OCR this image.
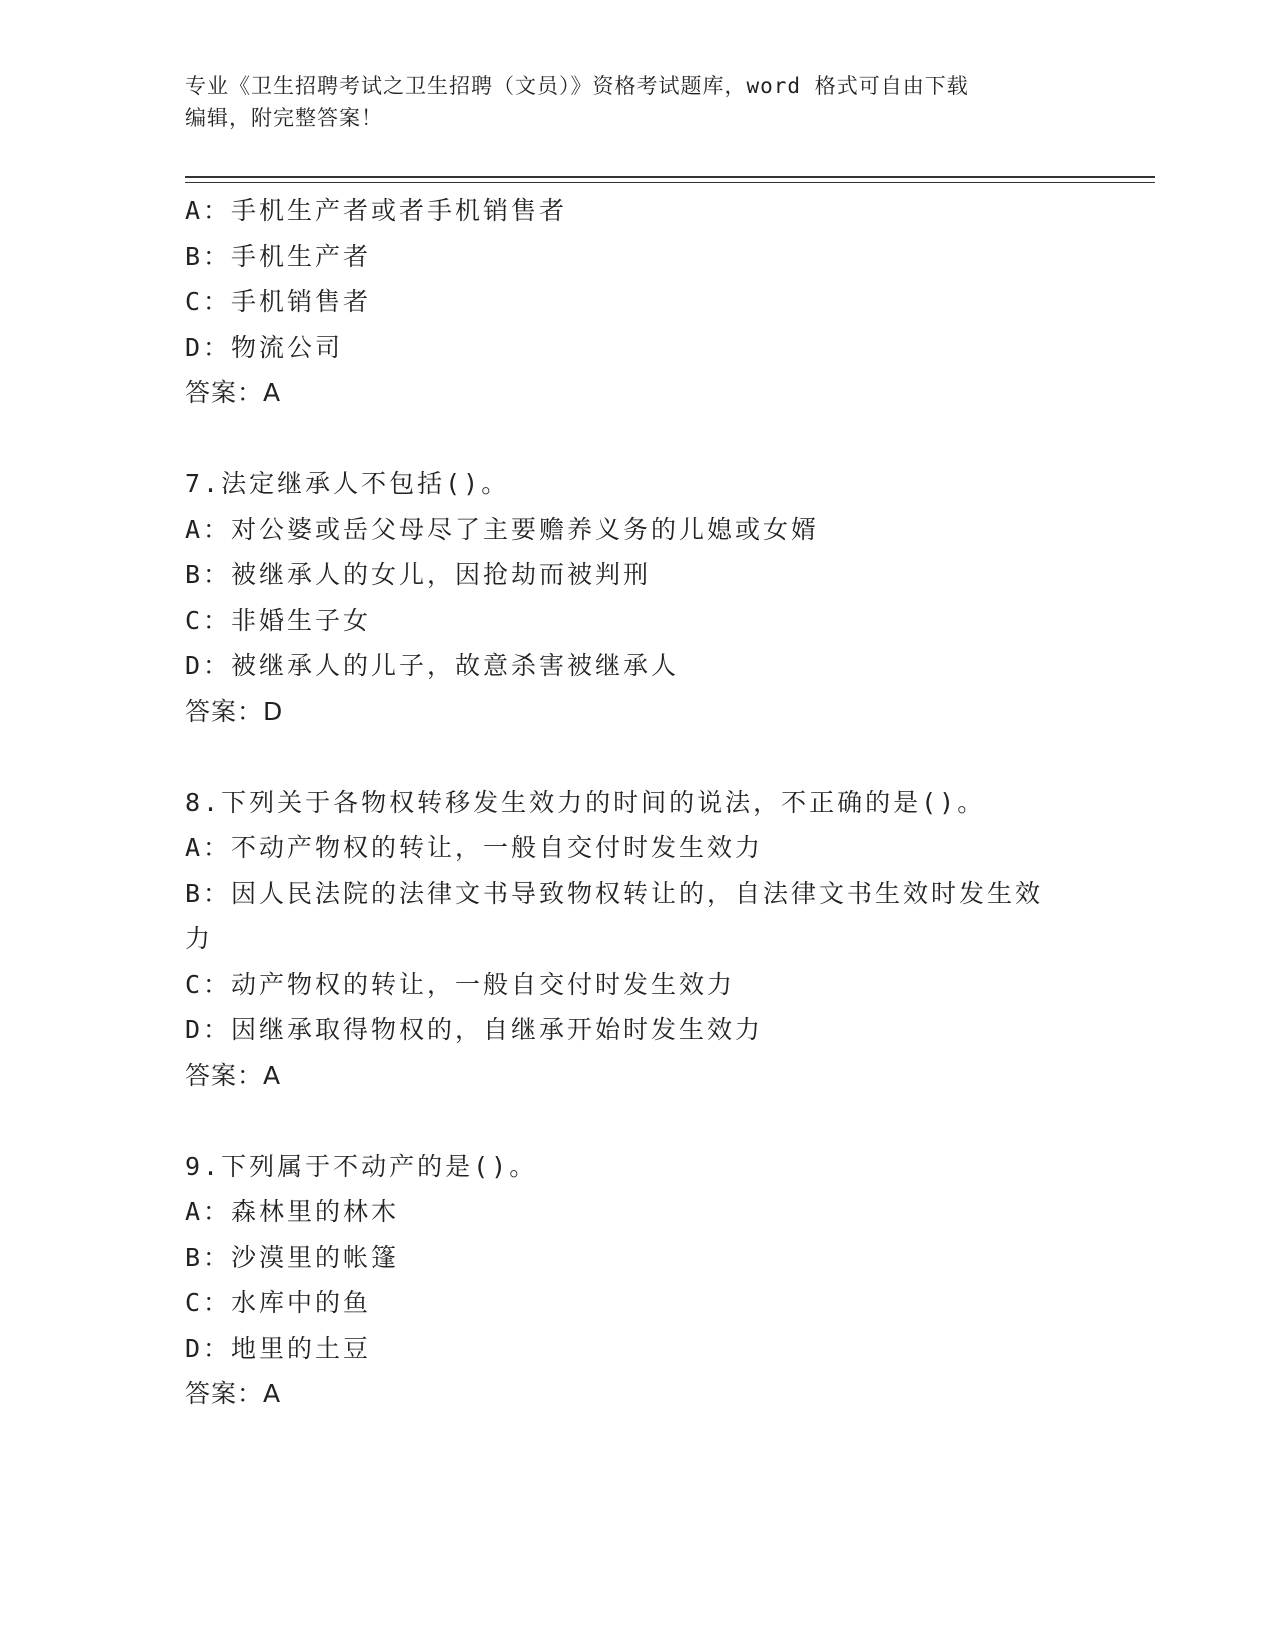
专业《卫生招聘考试之卫生招聘（文员）》资格考试题库，word 格式可自由下载
编辑，附完整答案！
A：手机生产者或者手机销售者
B：手机生产者
C：手机销售者
D：物流公司
答案：A
7.法定继承人不包括()。
A：对公婆或岳父母尽了主要赡养义务的儿媳或女婿
B：被继承人的女儿，因抢劫而被判刑
C：非婚生子女
D：被继承人的儿子，故意杀害被继承人
答案：D
8.下列关于各物权转移发生效力的时间的说法，不正确的是()。
A：不动产物权的转让，一般自交付时发生效力
B：因人民法院的法律文书导致物权转让的，自法律文书生效时发生效
力
C：动产物权的转让，一般自交付时发生效力
D：因继承取得物权的，自继承开始时发生效力
答案：A
9.下列属于不动产的是()。
A：森林里的林木
B：沙漠里的帐篷
C：水库中的鱼
D：地里的土豆
答案：A
